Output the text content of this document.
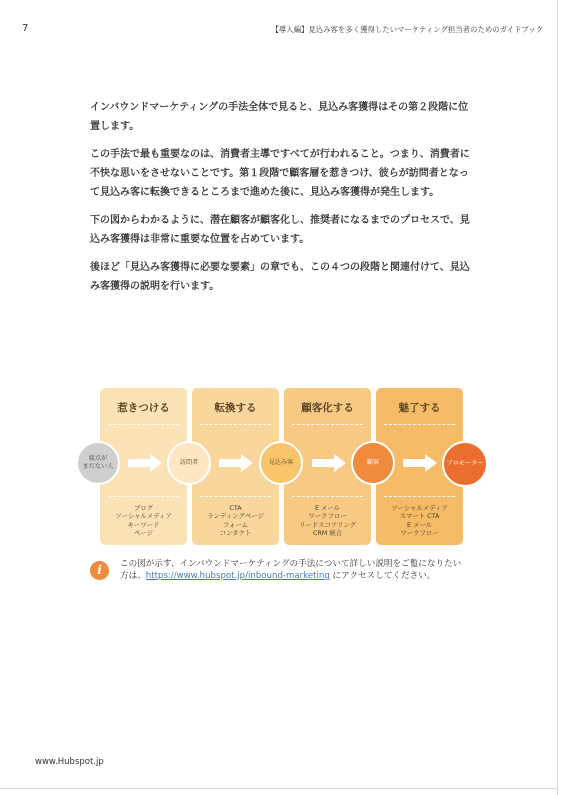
7	【導入編】見込み客を多く獲得したいマーケティング担当者のためのガイドブック

インバウンドマーケティングの手法全体で見ると、見込み客獲得はその第２段階に位置します。

この手法で最も重要なのは、消費者主導ですべてが行われること。つまり、消費者に不快な思いをさせないことです。第１段階で顧客層を惹きつけ、彼らが訪問者となって見込み客に転換できるところまで進めた後に、見込み客獲得が発生します。

下の図からわかるように、潜在顧客が顧客化し、推奨者になるまでのプロセスで、見込み客獲得は非常に重要な位置を占めています。

後ほど「見込み客獲得に必要な要素」の章でも、この４つの段階と関連付けて、見込み客獲得の説明を行います。

惹きつける
ブログ
ソーシャルメディア
キーワード
ページ
転換する
CTA
ランディングページ
フォーム
コンタクト
顧客化する
E メール
ワークフロー
リードスコアリング
CRM 統合
魅了する
ソーシャルメディア
スマート CTA
E メール
ワークフロー
接点が
まだない人
訪問者	見込み客	顧客	プロモーター
i	この図が示す、インバウンドマーケティングの手法について詳しい説明をご覧になりたい方は、https://www.hubspot.jp/inbound-marketing にアクセスしてください。
www.Hubspot.jp
